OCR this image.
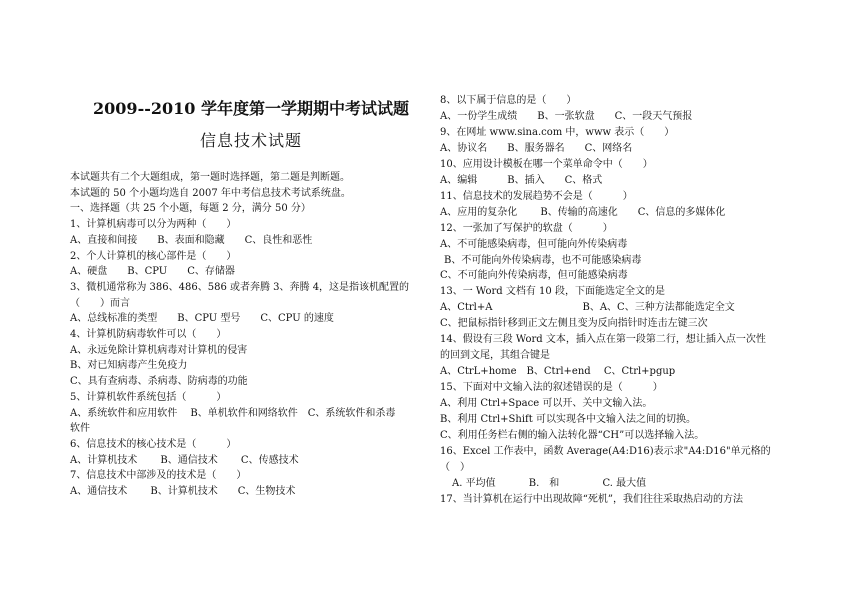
2009--2010 学年度第一学期期中考试试题
信息技术试题

本试题共有二个大题组成，第一题时选择题，第二题是判断题。

本试题的 50 个小题均选自 2007 年中考信息技术考试系统盘。

一、选择题（共 25 个小题，每题 2 分，满分 50 分）

1、计算机病毒可以分为两种（　　）

A、直接和间接　　B、表面和隐藏　　C、良性和恶性

2、个人计算机的核心部件是（　　）

A、硬盘　　B、CPU　　C、存储器

3、微机通常称为 386、486、586 或者奔腾 3、奔腾 4，这是指该机配置的

（　　）而言

A、总线标准的类型　　B、CPU 型号　　C、CPU 的速度

4、计算机防病毒软件可以（　　）

A、永远免除计算机病毒对计算机的侵害

B、对已知病毒产生免疫力

C、具有查病毒、杀病毒、防病毒的功能

5、计算机软件系统包括（　　　）

A、系统软件和应用软件　 B、单机软件和网络软件　C、系统软件和杀毒

软件

6、信息技术的核心技术是（　　　）

A、计算机技术　　 B、通信技术　　 C、传感技术

7、信息技术中部涉及的技术是（　　）

A、通信技术　　 B、计算机技术　　C、生物技术

8、以下属于信息的是（　　）

A、一份学生成绩　　B、一张软盘　　C、一段天气预报

9、在网址 www.sina.com 中，www 表示（　　）

A、协议名　　B、服务器名　　C、网络名

10、应用设计模板在哪一个菜单命令中（　　）

A、编辑　　　B、插入　　C、格式

11、信息技术的发展趋势不会是（　　　）

A、应用的复杂化　　 B、传输的高速化　　C、信息的多媒体化

12、一张加了写保护的软盘（　　　）

A、不可能感染病毒，但可能向外传染病毒

B、不可能向外传染病毒，也不可能感染病毒

C、不可能向外传染病毒，但可能感染病毒

13、一 Word 文档有 10 段，下面能选定全文的是

A、Ctrl+A　　　　　　　　　B、A、C、三种方法都能选定全文

C、把鼠标指针移到正文左侧且变为反向指针时连击左键三次

14、假设有三段 Word 文本，插入点在第一段第二行，想让插入点一次性

的回到文尾，其组合键是

A、CtrL+home　B、Ctrl+end　 C、Ctrl+pgup

15、下面对中文输入法的叙述错误的是（　　　）

A、利用 Ctrl+Space 可以开、关中文输入法。

B、利用 Ctrl+Shift 可以实现各中文输入法之间的切换。

C、利用任务栏右侧的输入法转化器“CH”可以选择输入法。

16、Excel 工作表中，函数 Average(A4:D16)表示求"A4:D16"单元格的

（　）

A. 平均值　　　 B.　和　　　　 C. 最大值

17、当计算机在运行中出现故障“死机”，我们往往采取热启动的方法
